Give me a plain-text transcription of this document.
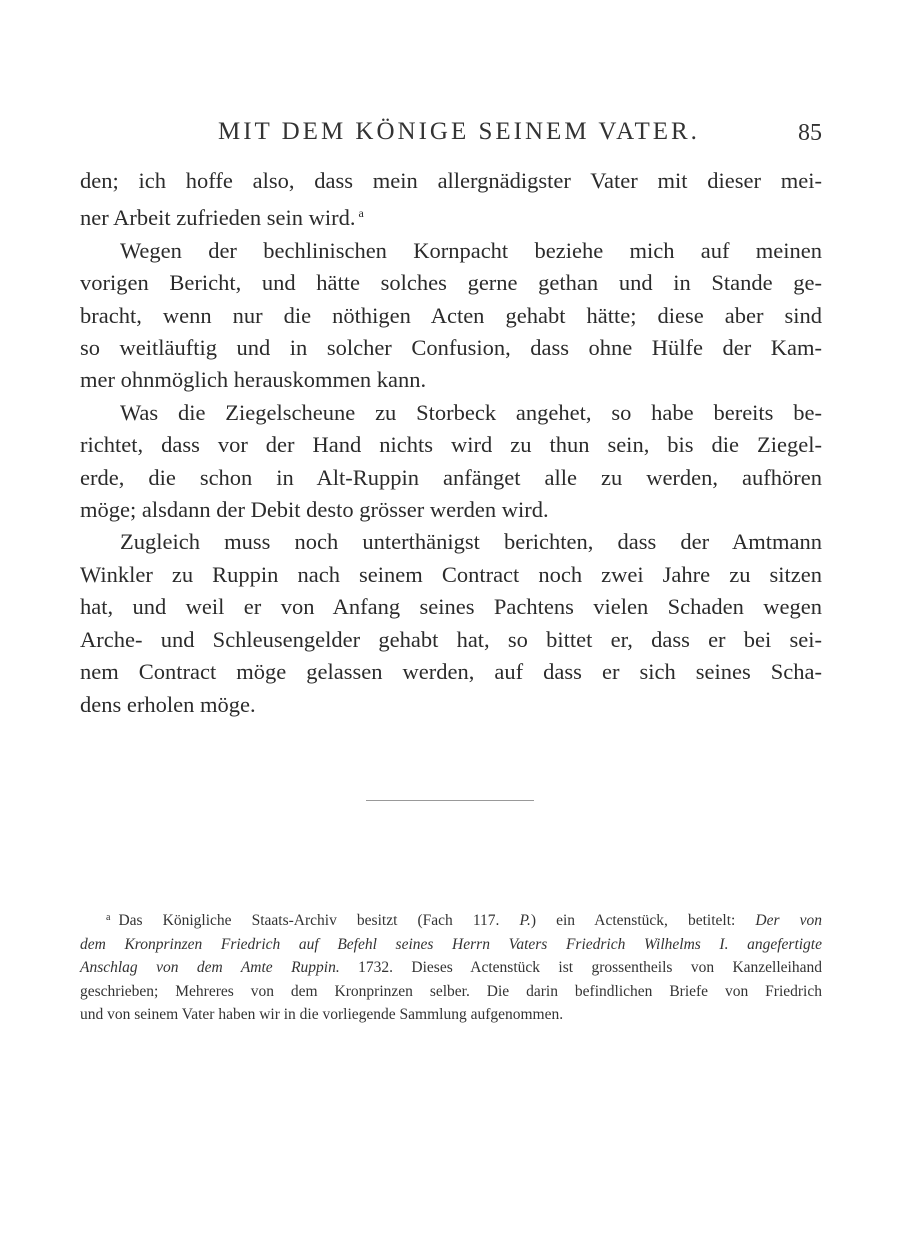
MIT DEM KÖNIGE SEINEM VATER.	85

den; ich hoffe also, dass mein allergnädigster Vater mit dieser mei-
ner Arbeit zufrieden sein wird. $^a$

Wegen der bechlinischen Kornpacht beziehe mich auf meinen
vorigen Bericht, und hätte solches gerne gethan und in Stande ge-
bracht, wenn nur die nöthigen Acten gehabt hätte; diese aber sind
so weitläuftig und in solcher Confusion, dass ohne Hülfe der Kam-
mer ohnmöglich herauskommen kann.

Was die Ziegelscheune zu Storbeck angehet, so habe bereits be-
richtet, dass vor der Hand nichts wird zu thun sein, bis die Ziegel-
erde, die schon in Alt-Ruppin anfänget alle zu werden, aufhören
möge; alsdann der Debit desto grösser werden wird.

Zugleich muss noch unterthänigst berichten, dass der Amtmann
Winkler zu Ruppin nach seinem Contract noch zwei Jahre zu sitzen
hat, und weil er von Anfang seines Pachtens vielen Schaden wegen
Arche- und Schleusengelder gehabt hat, so bittet er, dass er bei sei-
nem Contract möge gelassen werden, auf dass er sich seines Scha-
dens erholen möge.

$^a$ Das Königliche Staats-Archiv besitzt (Fach 117. P.) ein Actenstück, betitelt: Der von
dem Kronprinzen Friedrich auf Befehl seines Herrn Vaters Friedrich Wilhelms I. angefertigte
Anschlag von dem Amte Ruppin. 1732. Dieses Actenstück ist grossentheils von Kanzelleihand
geschrieben; Mehreres von dem Kronprinzen selber. Die darin befindlichen Briefe von Friedrich
und von seinem Vater haben wir in die vorliegende Sammlung aufgenommen.
